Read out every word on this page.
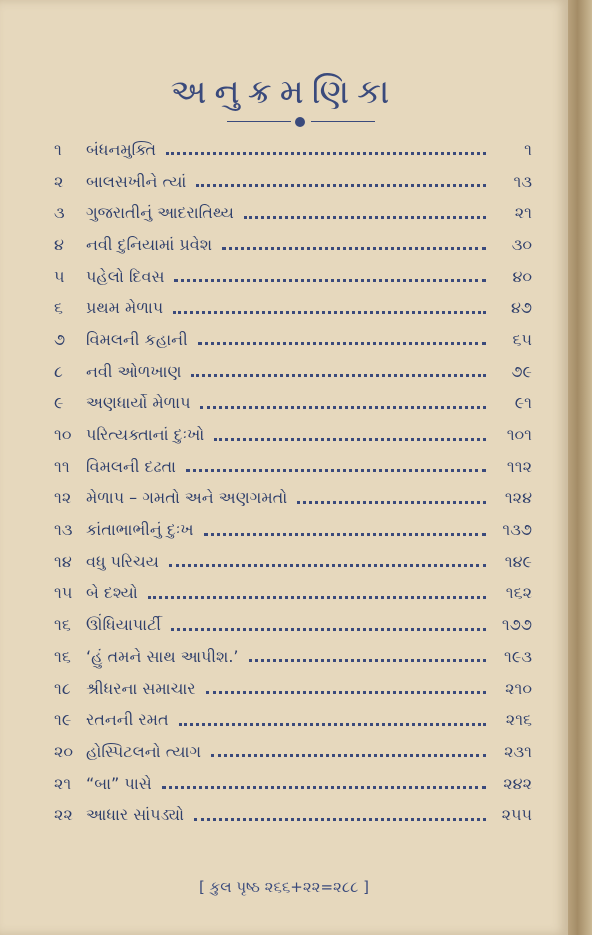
અનુક્રમણિકા
૧	બંધનમુક્તિ	૧
૨	બાલસખીને ત્યાં	૧૩
૩	ગુજરાતીનું આદરાતિથ્ય	૨૧
૪	નવી દુનિયામાં પ્રવેશ	૩૦
૫	પહેલો દિવસ	૪૦
૬	પ્રથમ મેળાપ	૪૭
૭	વિમલની કહાની	૬૫
૮	નવી ઓળખાણ	૭૯
૯	અણધાર્યો મેળાપ	૯૧
૧૦ પરિત્યક્તાનાં દુઃખો	૧૦૧
૧૧	વિમલની દઢતા	૧૧૨
૧૨ મેળાપ – ગમતો અને અણગમતો	૧૨૪
૧૩ કાંતાભાભીનું દુઃખ	૧૩૭
૧૪ વધુ પરિચય	૧૪૯
૧૫ બે દશ્યો	૧૬૨
૧૬ ઊંધિયાપાર્ટી	૧૭૭
૧૬ ‘હું તમને સાથ આપીશ.’	૧૯૩
૧૮ શ્રીધરના સમાચાર	૨૧૦
૧૯ રતનની રમત	૨૧૬
૨૦ હોસ્પિટલનો ત્યાગ	૨૩૧
૨૧ “બા” પાસે	૨૪૨
૨૨ આધાર સાંપડ્યો	૨૫૫
[ કુલ પૃષ્ઠ ૨૬૬+૨૨=૨૮૮ ]
